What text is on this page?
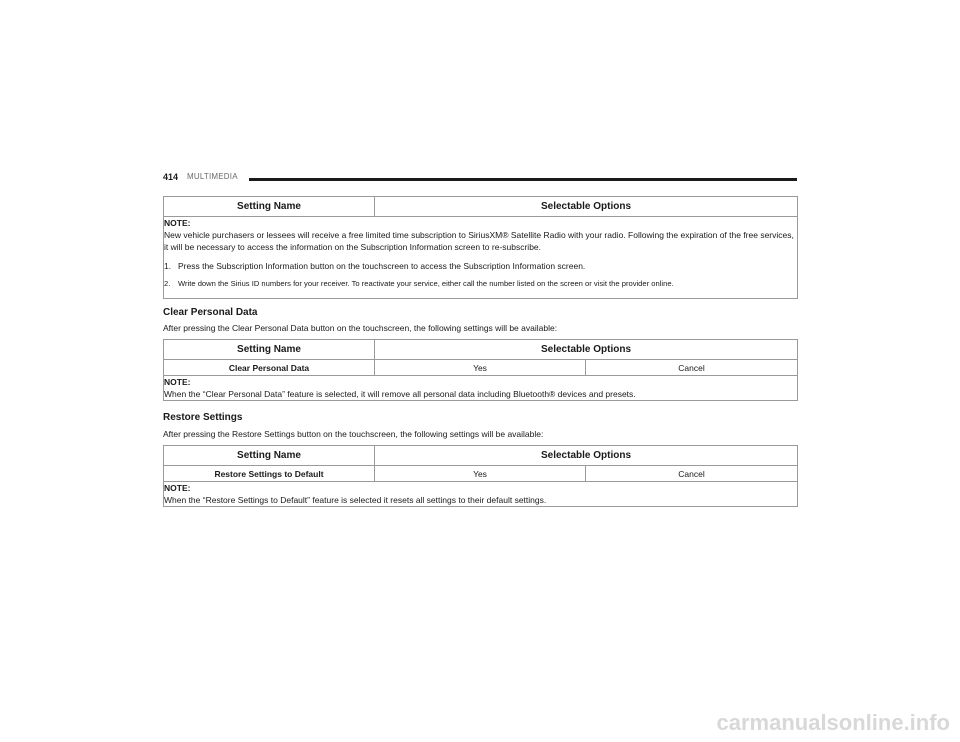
414 MULTIMEDIA
Setting Name	Selectable Options

NOTE:
New vehicle purchasers or lessees will receive a free limited time subscription to SiriusXM® Satellite Radio with your radio. Following the expiration of the free services, it will be necessary to access the information on the Subscription Information screen to re-subscribe.
1. Press the Subscription Information button on the touchscreen to access the Subscription Information screen.
2. Write down the Sirius ID numbers for your receiver. To reactivate your service, either call the number listed on the screen or visit the provider online.
Clear Personal Data
After pressing the Clear Personal Data button on the touchscreen, the following settings will be available:
Setting Name	Selectable Options	
Clear Personal Data	Yes	Cancel

NOTE:
When the “Clear Personal Data” feature is selected, it will remove all personal data including Bluetooth® devices and presets.		
Restore Settings
After pressing the Restore Settings button on the touchscreen, the following settings will be available:
Setting Name	Selectable Options	
Restore Settings to Default	Yes	Cancel

NOTE:
When the “Restore Settings to Default” feature is selected it resets all settings to their default settings.		
carmanualsonline.info
